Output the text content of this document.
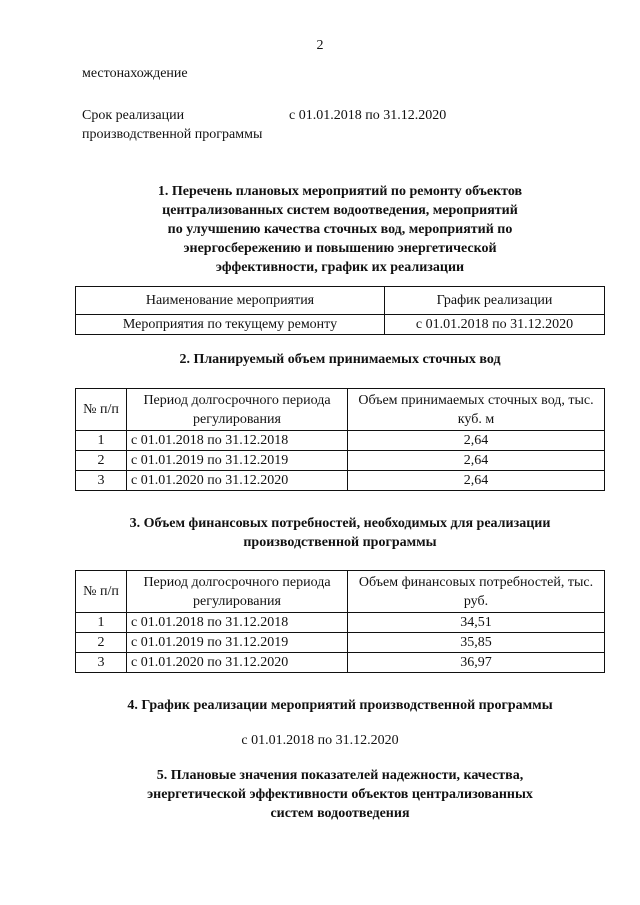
2
местонахождение
Срок реализации
производственной программы
с 01.01.2018 по 31.12.2020
1. Перечень плановых мероприятий по ремонту объектов
централизованных систем водоотведения, мероприятий
по улучшению качества сточных вод, мероприятий по
энергосбережению и повышению энергетической
эффективности, график их реализации
Наименование мероприятия	График реализации
Мероприятия по текущему ремонту	с 01.01.2018 по 31.12.2020
2. Планируемый объем принимаемых сточных вод
№ п/п	Период долгосрочного периода регулирования	Объем принимаемых сточных вод, тыс. куб. м
1	с 01.01.2018 по 31.12.2018	2,64
2	с 01.01.2019 по 31.12.2019	2,64
3	с 01.01.2020 по 31.12.2020	2,64
3. Объем финансовых потребностей, необходимых для реализации
производственной программы
№ п/п	Период долгосрочного периода регулирования	Объем финансовых потребностей, тыс. руб.
1	с 01.01.2018 по 31.12.2018	34,51
2	с 01.01.2019 по 31.12.2019	35,85
3	с 01.01.2020 по 31.12.2020	36,97
4. График реализации мероприятий производственной программы
с 01.01.2018 по 31.12.2020
5. Плановые значения показателей надежности, качества,
энергетической эффективности объектов централизованных
систем водоотведения
